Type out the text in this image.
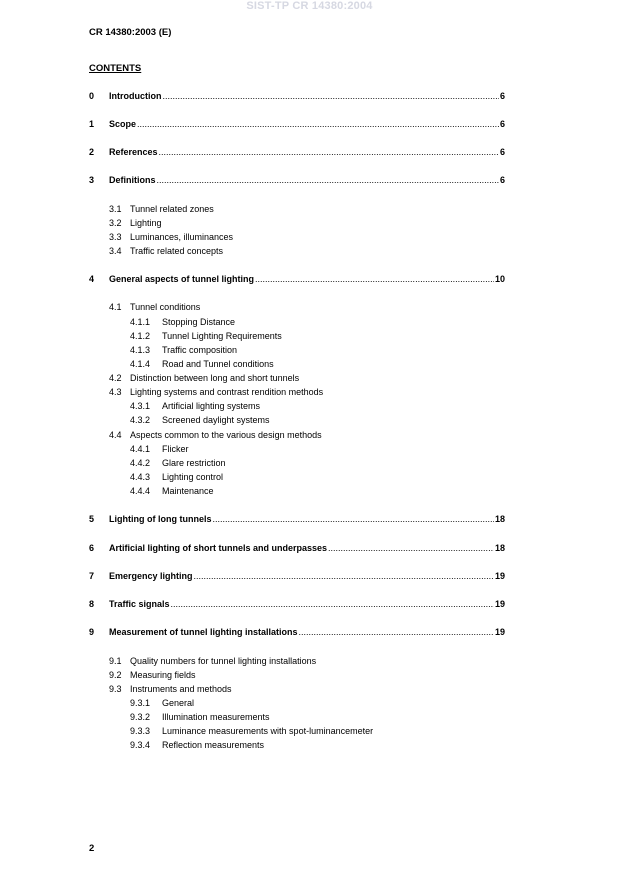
SIST-TP CR 14380:2004
CR 14380:2003 (E)
CONTENTS
0	Introduction .....	6
1	Scope .....	6
2	References .....	6
3	Definitions .....	6
3.1 Tunnel related zones
3.2 Lighting
3.3 Luminances, illuminances
3.4 Traffic related concepts
4	General aspects of tunnel lighting .....	10
4.1 Tunnel conditions
4.1.1	Stopping Distance
4.1.2	Tunnel Lighting Requirements
4.1.3	Traffic composition
4.1.4	Road and Tunnel conditions
4.2 Distinction between long and short tunnels
4.3 Lighting systems and contrast rendition methods
4.3.1	Artificial lighting systems
4.3.2	Screened daylight systems
4.4 Aspects common to the various design methods
4.4.1	Flicker
4.4.2	Glare restriction
4.4.3	Lighting control
4.4.4	Maintenance
5	Lighting of long tunnels .....	18
6	Artificial lighting of short tunnels and underpasses .....	18
7	Emergency lighting .....	19
8	Traffic signals .....	19
9	Measurement of tunnel lighting installations .....	19
9.1 Quality numbers for tunnel lighting installations
9.2 Measuring fields
9.3 Instruments and methods
9.3.1	General
9.3.2	Illumination measurements
9.3.3	Luminance measurements with spot-luminancemeter
9.3.4	Reflection measurements
2
